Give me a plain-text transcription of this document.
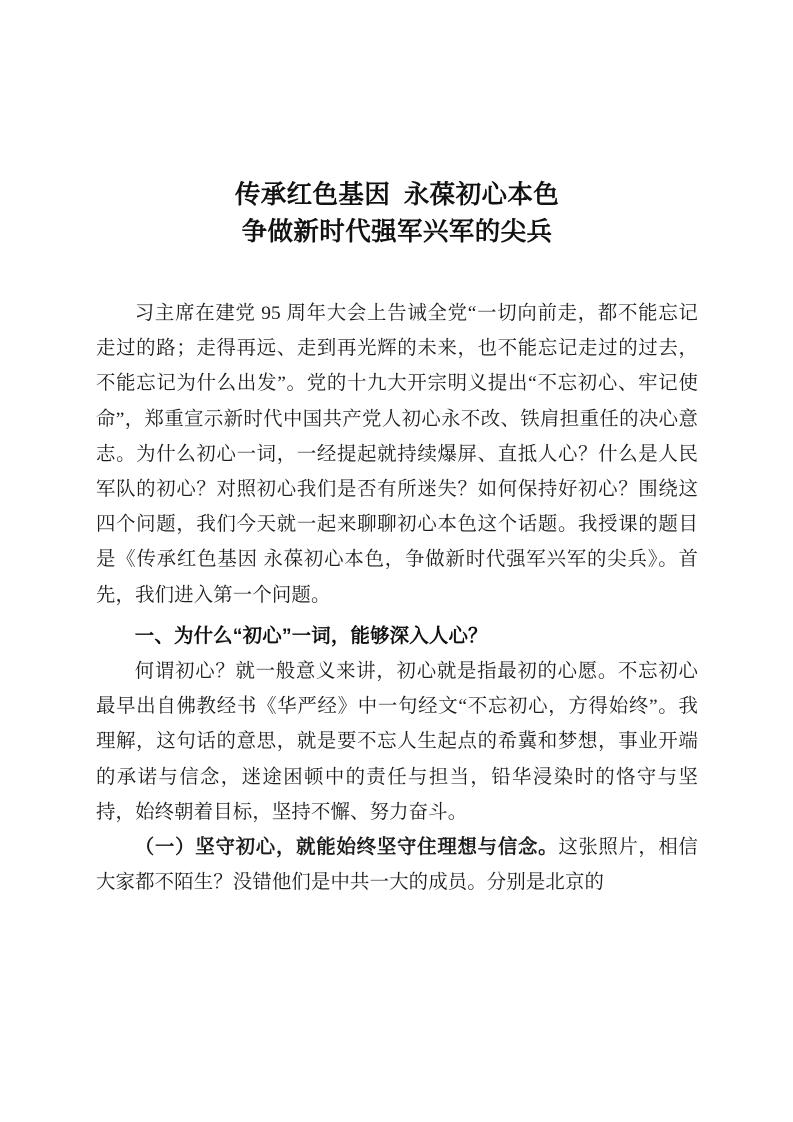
传承红色基因  永葆初心本色
争做新时代强军兴军的尖兵

习主席在建党 95 周年大会上告诫全党“一切向前走，都不能忘记走过的路；走得再远、走到再光辉的未来，也不能忘记走过的过去，不能忘记为什么出发”。党的十九大开宗明义提出“不忘初心、牢记使命”，郑重宣示新时代中国共产党人初心永不改、铁肩担重任的决心意志。为什么初心一词，一经提起就持续爆屏、直抵人心？什么是人民军队的初心？对照初心我们是否有所迷失？如何保持好初心？围绕这四个问题，我们今天就一起来聊聊初心本色这个话题。我授课的题目是《传承红色基因 永葆初心本色，争做新时代强军兴军的尖兵》。首先，我们进入第一个问题。

一、为什么“初心”一词，能够深入人心？

何谓初心？就一般意义来讲，初心就是指最初的心愿。不忘初心最早出自佛教经书《华严经》中一句经文“不忘初心，方得始终”。我理解，这句话的意思，就是要不忘人生起点的希冀和梦想，事业开端的承诺与信念，迷途困顿中的责任与担当，铅华浸染时的恪守与坚持，始终朝着目标，坚持不懈、努力奋斗。

（一）坚守初心，就能始终坚守住理想与信念。这张照片，相信大家都不陌生？没错他们是中共一大的成员。分别是北京的
